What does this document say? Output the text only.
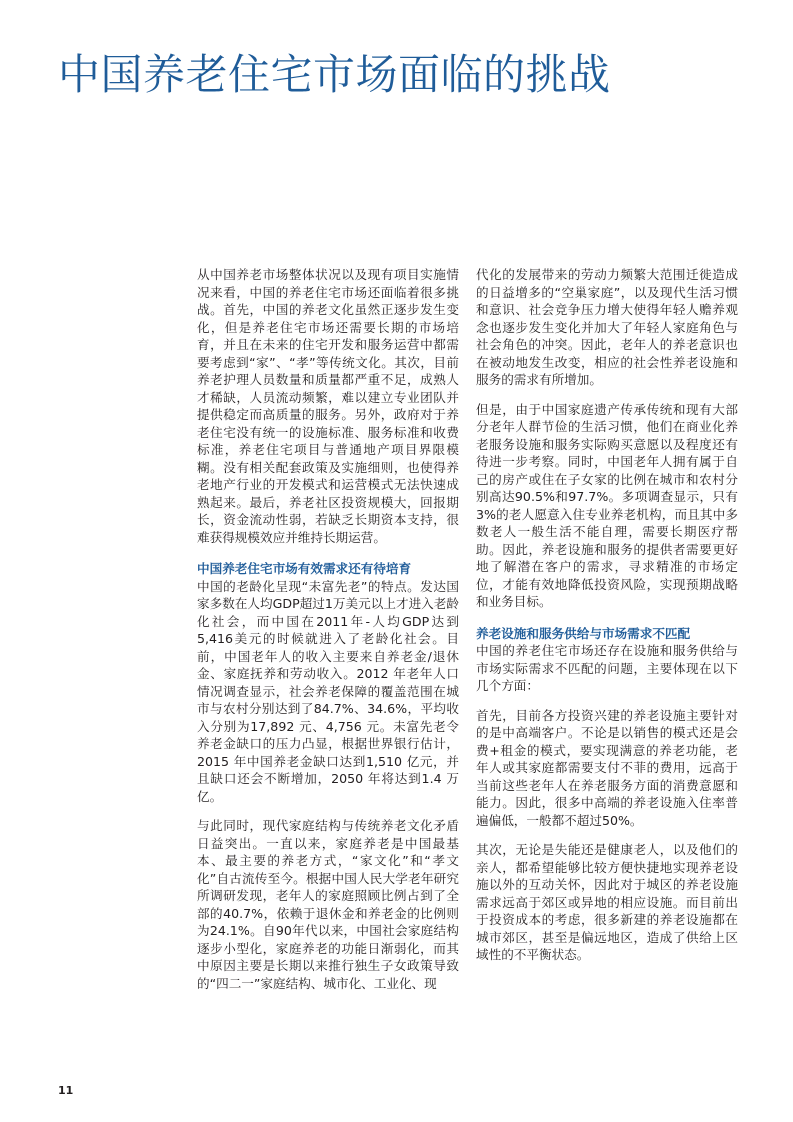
中国养老住宅市场面临的挑战

从中国养老市场整体状况以及现有项目实施情况来看，中国的养老住宅市场还面临着很多挑战。首先，中国的养老文化虽然正逐步发生变化，但是养老住宅市场还需要长期的市场培育，并且在未来的住宅开发和服务运营中都需要考虑到“家”、“孝”等传统文化。其次，目前养老护理人员数量和质量都严重不足，成熟人才稀缺，人员流动频繁，难以建立专业团队并提供稳定而高质量的服务。另外，政府对于养老住宅没有统一的设施标准、服务标准和收费标准，养老住宅项目与普通地产项目界限模糊。没有相关配套政策及实施细则，也使得养老地产行业的开发模式和运营模式无法快速成熟起来。最后，养老社区投资规模大，回报期长，资金流动性弱，若缺乏长期资本支持，很难获得规模效应并维持长期运营。

中国养老住宅市场有效需求还有待培育

中国的老龄化呈现“未富先老”的特点。发达国家多数在人均GDP超过1万美元以上才进入老龄化社会，而中国在2011年-人均GDP达到5,416美元的时候就进入了老龄化社会。目前，中国老年人的收入主要来自养老金/退休金、家庭抚养和劳动收入。2012 年老年人口情况调查显示，社会养老保障的覆盖范围在城市与农村分别达到了84.7%、34.6%，平均收入分别为17,892 元、4,756 元。未富先老令养老金缺口的压力凸显，根据世界银行估计，2015 年中国养老金缺口达到1,510 亿元，并且缺口还会不断增加，2050 年将达到1.4 万亿。

与此同时，现代家庭结构与传统养老文化矛盾日益突出。一直以来，家庭养老是中国最基本、最主要的养老方式，“家文化”和“孝文化”自古流传至今。根据中国人民大学老年研究所调研发现，老年人的家庭照顾比例占到了全部的40.7%，依赖于退休金和养老金的比例则为24.1%。自90年代以来，中国社会家庭结构逐步小型化，家庭养老的功能日渐弱化，而其中原因主要是长期以来推行独生子女政策导致的“四二一”家庭结构、城市化、工业化、现

代化的发展带来的劳动力频繁大范围迁徙造成的日益增多的“空巢家庭”，以及现代生活习惯和意识、社会竞争压力增大使得年轻人赡养观念也逐步发生变化并加大了年轻人家庭角色与社会角色的冲突。因此，老年人的养老意识也在被动地发生改变，相应的社会性养老设施和服务的需求有所增加。

但是，由于中国家庭遗产传承传统和现有大部分老年人群节俭的生活习惯，他们在商业化养老服务设施和服务实际购买意愿以及程度还有待进一步考察。同时，中国老年人拥有属于自己的房产或住在子女家的比例在城市和农村分别高达90.5%和97.7%。多项调查显示，只有3%的老人愿意入住专业养老机构，而且其中多数老人一般生活不能自理，需要长期医疗帮助。因此，养老设施和服务的提供者需要更好地了解潜在客户的需求，寻求精准的市场定位，才能有效地降低投资风险，实现预期战略和业务目标。

养老设施和服务供给与市场需求不匹配

中国的养老住宅市场还存在设施和服务供给与市场实际需求不匹配的问题，主要体现在以下几个方面：

首先，目前各方投资兴建的养老设施主要针对的是中高端客户。不论是以销售的模式还是会费+租金的模式，要实现满意的养老功能，老年人或其家庭都需要支付不菲的费用，远高于当前这些老年人在养老服务方面的消费意愿和能力。因此，很多中高端的养老设施入住率普遍偏低，一般都不超过50%。

其次，无论是失能还是健康老人，以及他们的亲人，都希望能够比较方便快捷地实现养老设施以外的互动关怀，因此对于城区的养老设施需求远高于郊区或异地的相应设施。而目前出于投资成本的考虑，很多新建的养老设施都在城市郊区，甚至是偏远地区，造成了供给上区域性的不平衡状态。

11
